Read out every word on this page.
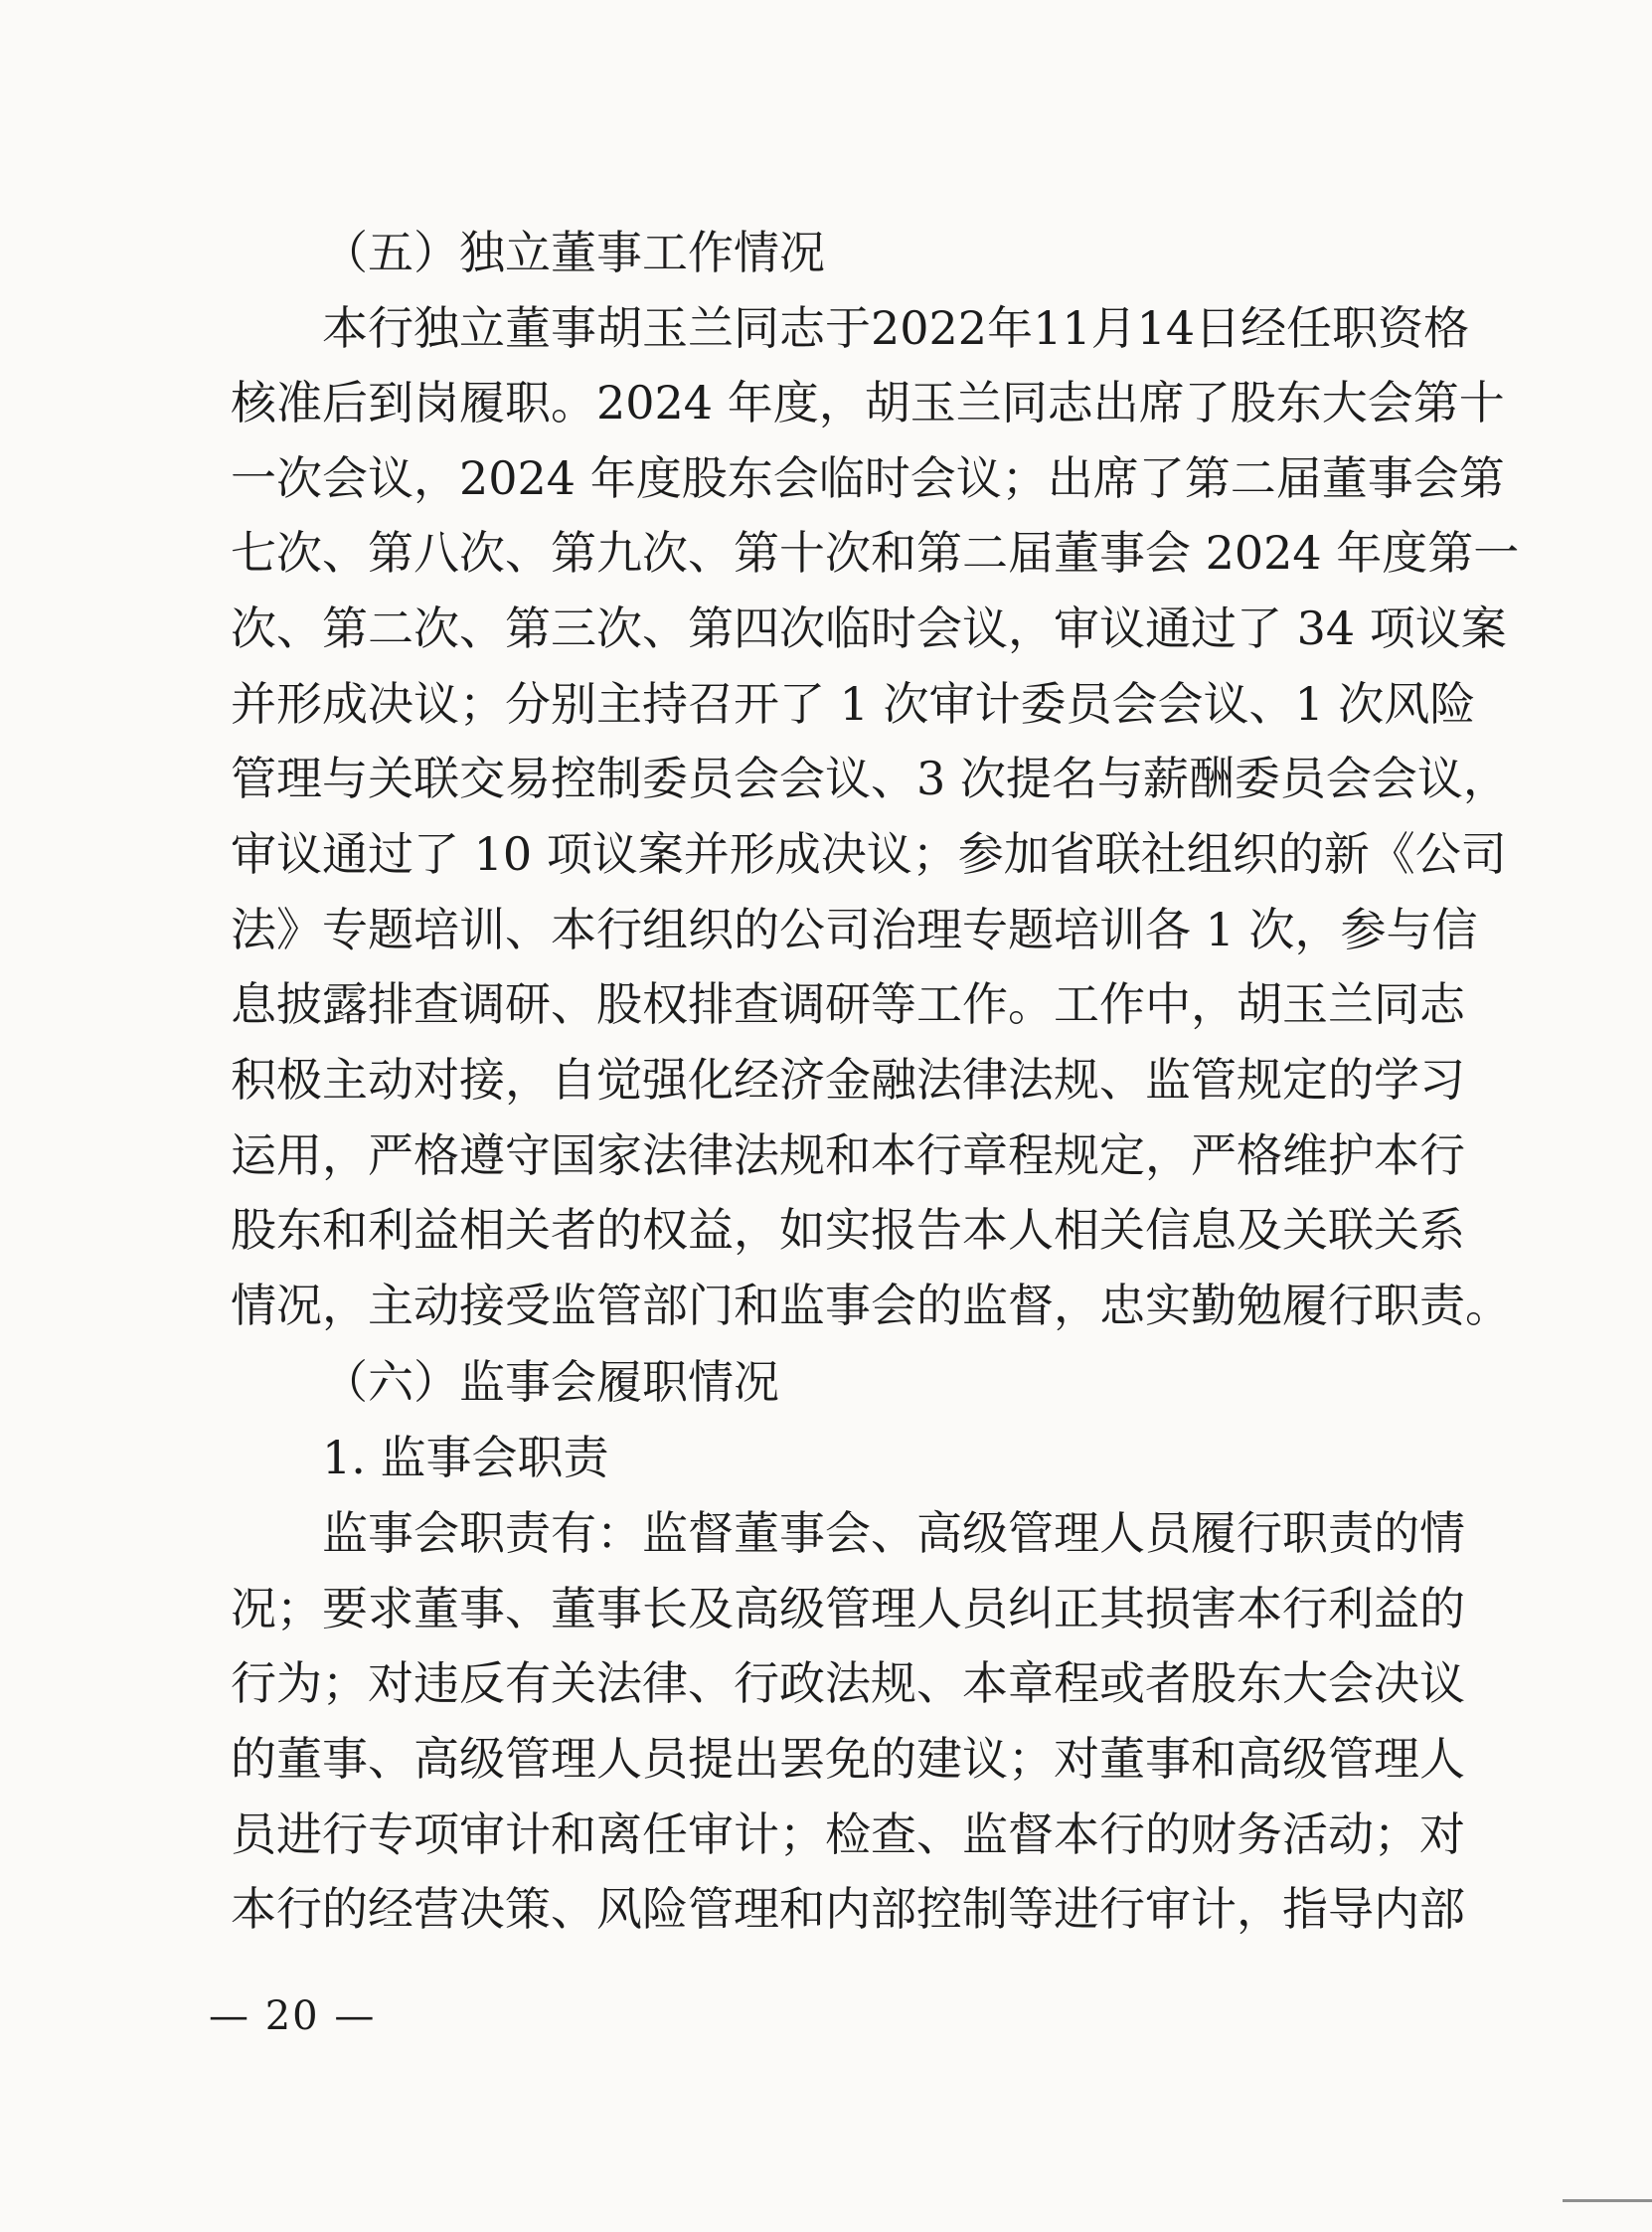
（五）独立董事工作情况
本行独立董事胡玉兰同志于2022年11月14日经任职资格
核准后到岗履职。2024 年度，胡玉兰同志出席了股东大会第十
一次会议，2024 年度股东会临时会议；出席了第二届董事会第
七次、第八次、第九次、第十次和第二届董事会 2024 年度第一
次、第二次、第三次、第四次临时会议，审议通过了 34 项议案
并形成决议；分别主持召开了 1 次审计委员会会议、1 次风险
管理与关联交易控制委员会会议、3 次提名与薪酬委员会会议，
审议通过了 10 项议案并形成决议；参加省联社组织的新《公司
法》专题培训、本行组织的公司治理专题培训各 1 次，参与信
息披露排查调研、股权排查调研等工作。工作中，胡玉兰同志
积极主动对接，自觉强化经济金融法律法规、监管规定的学习
运用，严格遵守国家法律法规和本行章程规定，严格维护本行
股东和利益相关者的权益，如实报告本人相关信息及关联关系
情况，主动接受监管部门和监事会的监督，忠实勤勉履行职责。
（六）监事会履职情况
1. 监事会职责
监事会职责有：监督董事会、高级管理人员履行职责的情
况；要求董事、董事长及高级管理人员纠正其损害本行利益的
行为；对违反有关法律、行政法规、本章程或者股东大会决议
的董事、高级管理人员提出罢免的建议；对董事和高级管理人
员进行专项审计和离任审计；检查、监督本行的财务活动；对
本行的经营决策、风险管理和内部控制等进行审计，指导内部
— 20 —
